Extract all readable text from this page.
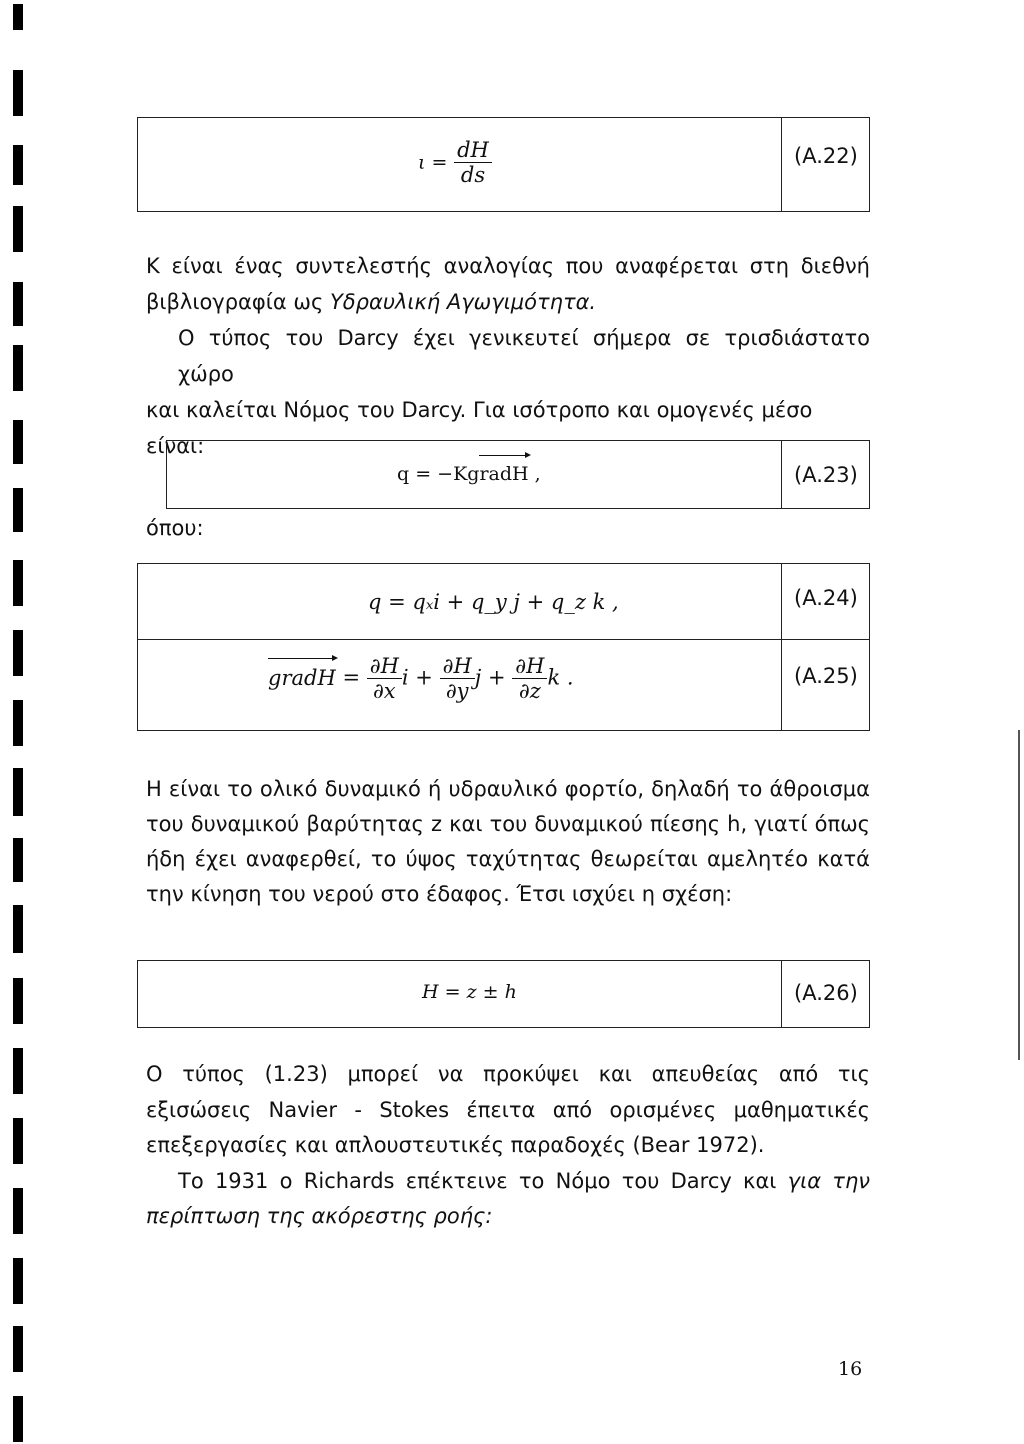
$\iota = \frac{dH}{ds}$	(A.22)

Κ είναι ένας συντελεστής αναλογίας που αναφέρεται στη διεθνή

βιβλιογραφία ως Υδραυλική Αγωγιμότητα.

Ο τύπος του Darcy έχει γενικευτεί σήμερα σε τρισδιάστατο χώρο

και καλείται Νόμος του Darcy. Για ισότροπο και ομογενές μέσο είναι:

q = −K
gradH ,	(A.23)
όπου:
q = qₓi + q_y j + q_z k ,	(A.24)
gradH = $\frac{\partial H}{\partial x}$ $i + \frac{\partial H}{\partial y}$ $j + \frac{\partial H}{\partial z}$ k .	(A.25)

H είναι το ολικό δυναμικό ή υδραυλικό φορτίο, δηλαδή το άθροισμα

του δυναμικού βαρύτητας z και του δυναμικού πίεσης h, γιατί όπως

ήδη έχει αναφερθεί, το ύψος ταχύτητας θεωρείται αμελητέο κατά

την κίνηση του νερού στο έδαφος. Έτσι ισχύει η σχέση:

H = z ± h	(A.26)

Ο τύπος (1.23) μπορεί να προκύψει και απευθείας από τις

εξισώσεις Navier - Stokes έπειτα από ορισμένες μαθηματικές

επεξεργασίες και απλουστευτικές παραδοχές (Bear 1972).

Το 1931 ο Richards επέκτεινε το Νόμο του Darcy και για την

περίπτωση της ακόρεστης ροής:

16
